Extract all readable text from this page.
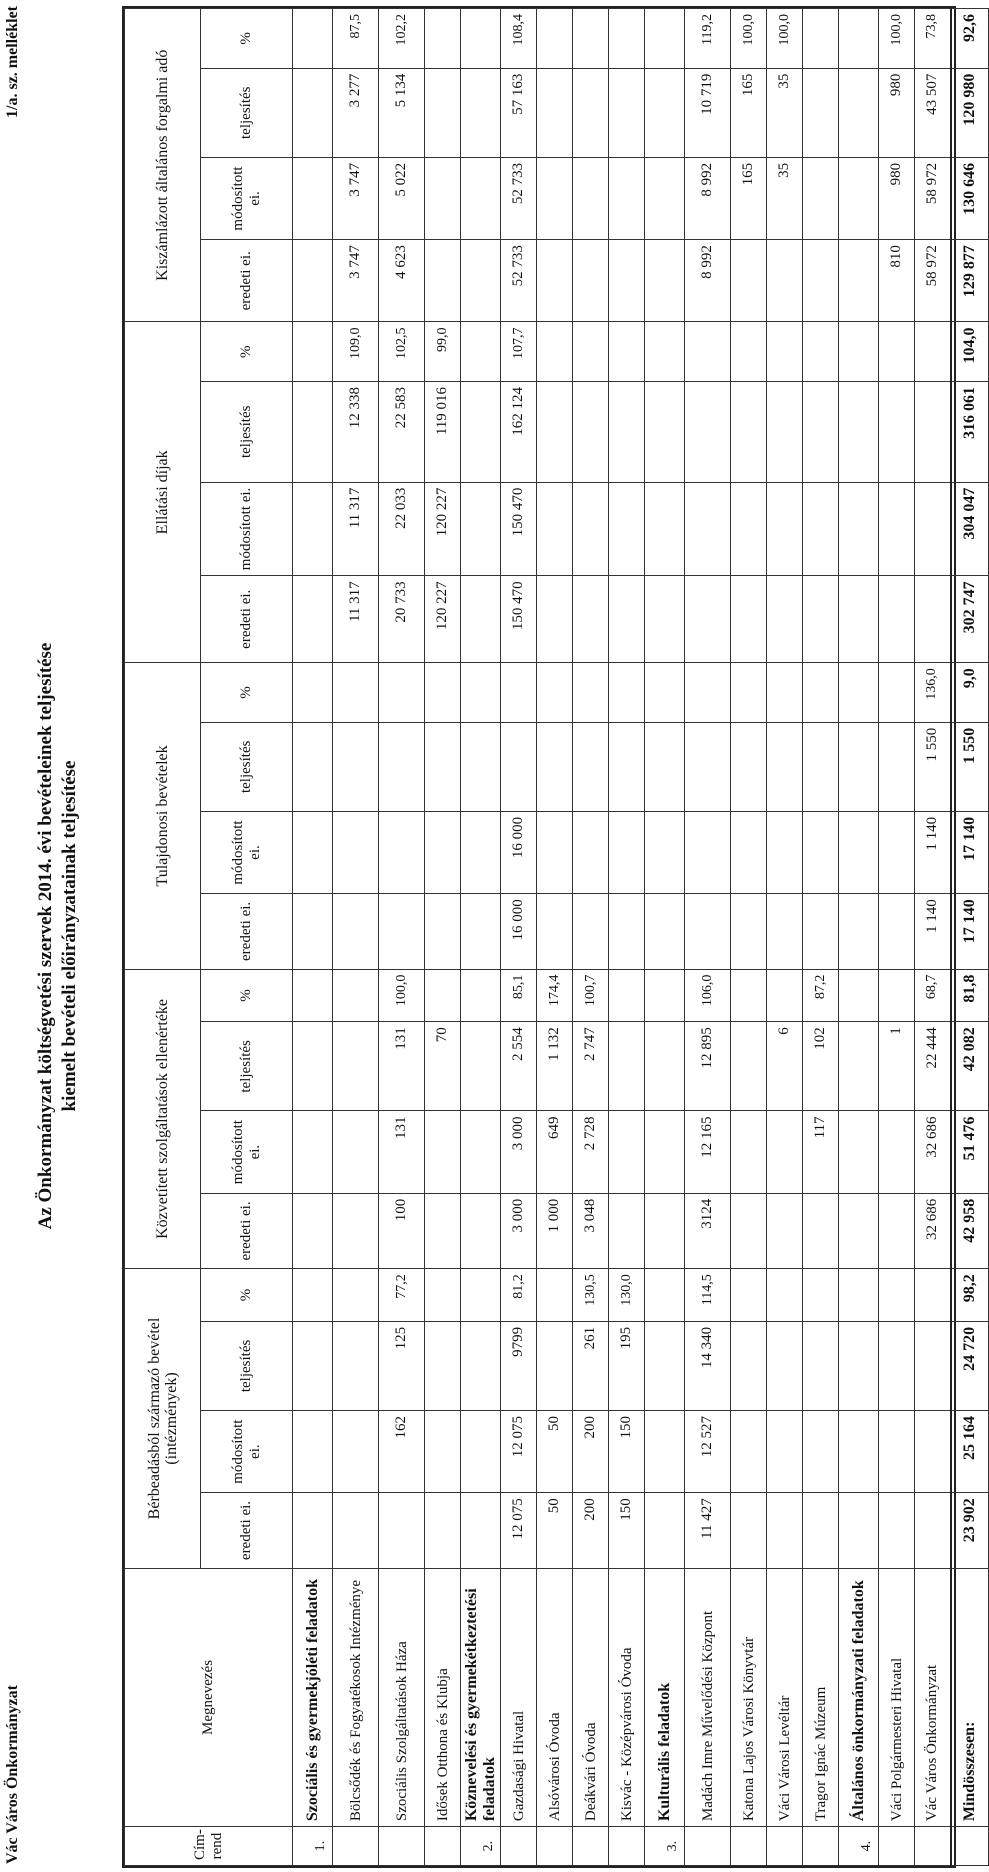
Vác Város Önkormányzat
1/a. sz. melléklet
Az Önkormányzat költségvetési szervek 2014. évi bevételeinek teljesítése kiemelt bevételi előirányzatainak teljesítése
Cím-rend	Megnevezés	Bérbeadásból származó bevétel (intézmények)				Közvetített szolgáltatások ellenértéke				Tulajdonosi bevételek				Ellátási díjak				Kiszámlázott általános forgalmi adó			
		eredeti ei.	módosított ei.	teljesítés	%	eredeti ei.	módosított ei.	teljesítés	%	eredeti ei.	módosított ei.	teljesítés	%	eredeti ei.	módosított ei.	teljesítés	%	eredeti ei.	módosított ei.	teljesítés	%
1.	Szociális és gyermekjóléti feladatok																				
	Bölcsődék és Fogyatékosok Intézménye													11 317	11 317	12 338	109,0	3 747	3 747	3 277	87,5
	Szociális Szolgáltatások Háza		162	125	77,2	100	131	131	100,0					20 733	22 033	22 583	102,5	4 623	5 022	5 134	102,2
	Idősek Otthona és Klubja							70						120 227	120 227	119 016	99,0				
2.	Köznevelési és gyermekétkeztetési feladatok																				
	Gazdasági Hivatal	12 075	12 075	9799	81,2	3 000	3 000	2 554	85,1	16 000	16 000			150 470	150 470	162 124	107,7	52 733	52 733	57 163	108,4
	Alsóvárosi Óvoda	50	50			1 000	649	1 132	174,4												
	Deákvári Óvoda	200	200	261	130,5	3 048	2 728	2 747	100,7												
	Kisvác - Középvárosi Óvoda	150	150	195	130,0																
3.	Kulturális feladatok																				
	Madách Imre Művelődési Központ	11 427	12 527	14 340	114,5	3124	12 165	12 895	106,0									8 992	8 992	10 719	119,2
	Katona Lajos Városi Könyvtár																		165	165	100,0
	Váci Városi Levéltár							6											35	35	100,0
	Tragor Ignác Múzeum						117	102	87,2												
4.	Általános önkormányzati feladatok																				
	Váci Polgármesteri Hivatal							1										810	980	980	100,0
	Vác Város Önkormányzat					32 686	32 686	22 444	68,7	1 140	1 140	1 550	136,0					58 972	58 972	43 507	73,8
	Mindösszesen:	23 902	25 164	24 720	98,2	42 958	51 476	42 082	81,8	17 140	17 140	1 550	9,0	302 747	304 047	316 061	104,0	129 877	130 646	120 980	92,6
